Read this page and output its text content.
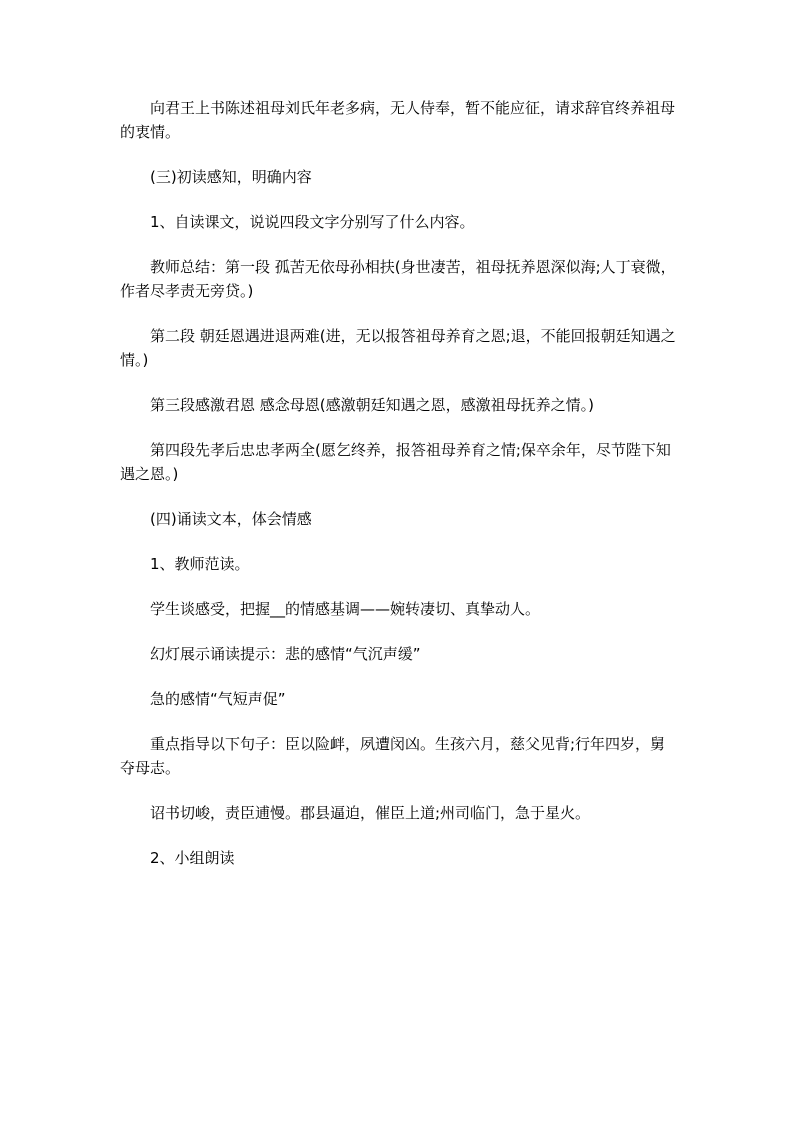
向君王上书陈述祖母刘氏年老多病，无人侍奉，暂不能应征，请求辞官终养祖母的衷情。

(三)初读感知，明确内容

1、自读课文，说说四段文字分别写了什么内容。

教师总结：第一段 孤苦无依母孙相扶(身世凄苦，祖母抚养恩深似海;人丁衰微，作者尽孝责无旁贷。)

第二段 朝廷恩遇进退两难(进，无以报答祖母养育之恩;退，不能回报朝廷知遇之情。)

第三段感激君恩 感念母恩(感激朝廷知遇之恩，感激祖母抚养之情。)

第四段先孝后忠忠孝两全(愿乞终养，报答祖母养育之情;保卒余年，尽节陛下知遇之恩。)

(四)诵读文本，体会情感

1、教师范读。

学生谈感受，把握__的情感基调——婉转凄切、真挚动人。

幻灯展示诵读提示：悲的感情“气沉声缓”

急的感情“气短声促”

重点指导以下句子：臣以险衅，夙遭闵凶。生孩六月，慈父见背;行年四岁，舅夺母志。

诏书切峻，责臣逋慢。郡县逼迫，催臣上道;州司临门，急于星火。

2、小组朗读
